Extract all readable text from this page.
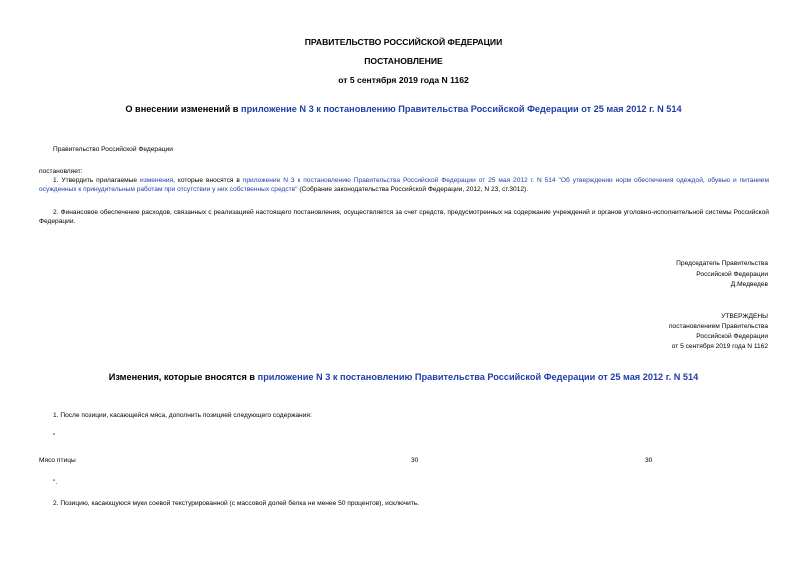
ПРАВИТЕЛЬСТВО РОССИЙСКОЙ ФЕДЕРАЦИИ
ПОСТАНОВЛЕНИЕ
от 5 сентября 2019 года N 1162
О внесении изменений в приложение N 3 к постановлению Правительства Российской Федерации от 25 мая 2012 г. N 514
Правительство Российской Федерации
постановляет:
1. Утвердить прилагаемые изменения, которые вносятся в приложение N 3 к постановлению Правительства Российской Федерации от 25 мая 2012 г. N 514 "Об утверждении норм обеспечения одеждой, обувью и питанием осужденных к принудительным работам при отсутствии у них собственных средств" (Собрание законодательства Российской Федерации, 2012, N 23, ст.3012).
2. Финансовое обеспечение расходов, связанных с реализацией настоящего постановления, осуществляется за счет средств, предусмотренных на содержание учреждений и органов уголовно-исполнительной системы Российской Федерации.
Председатель Правительства
Российской Федерации
Д.Медведев
УТВЕРЖДЕНЫ
постановлением Правительства
Российской Федерации
от 5 сентября 2019 года N 1162
Изменения, которые вносятся в приложение N 3 к постановлению Правительства Российской Федерации от 25 мая 2012 г. N 514
1. После позиции, касающейся мяса, дополнить позицией следующего содержания:
"
Мясо птицы	30	30
".
2. Позицию, касающуюся муки соевой текстурированной (с массовой долей белка не менее 50 процентов), исключить.
